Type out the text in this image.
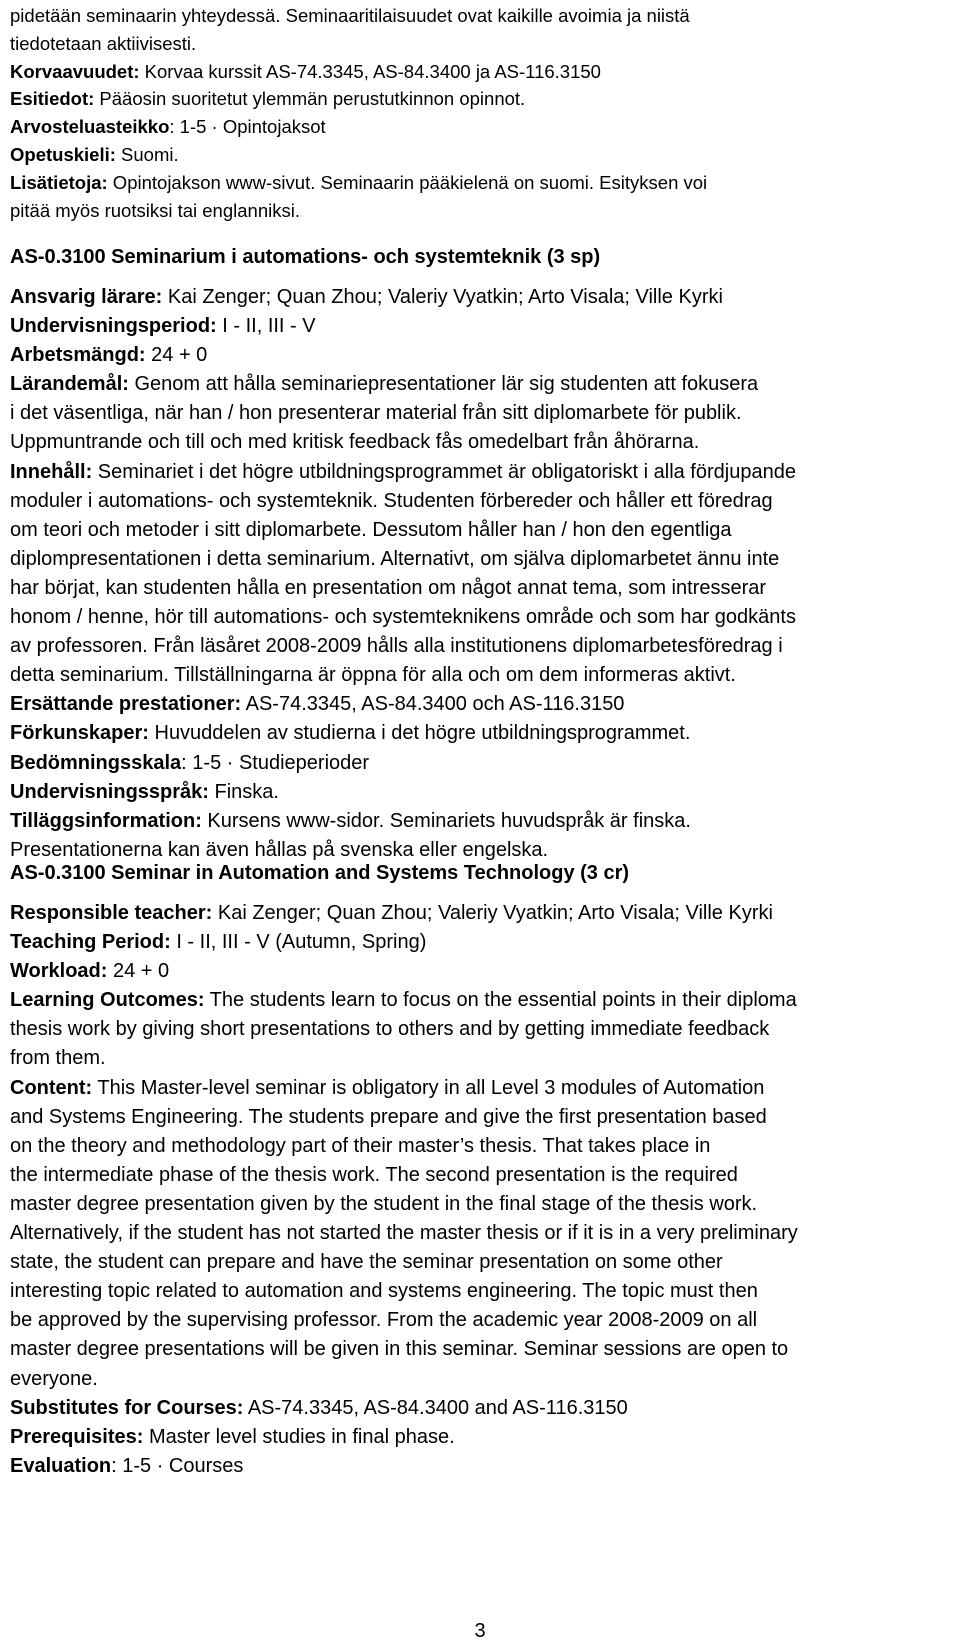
pidetään seminaarin yhteydessä. Seminaaritilaisuudet ovat kaikille avoimia ja niistä
tiedotetaan aktiivisesti.
Korvaavuudet: Korvaa kurssit AS-74.3345, AS-84.3400 ja AS-116.3150
Esitiedot: Pääosin suoritetut ylemmän perustutkinnon opinnot.
Arvosteluasteikko: 1-5 · Opintojaksot
Opetuskieli: Suomi.
Lisätietoja: Opintojakson www-sivut. Seminaarin pääkielenä on suomi. Esityksen voi
pitää myös ruotsiksi tai englanniksi.
AS-0.3100 Seminarium i automations- och systemteknik (3 sp)
Ansvarig lärare: Kai Zenger; Quan Zhou; Valeriy Vyatkin; Arto Visala; Ville Kyrki
Undervisningsperiod: I - II, III - V
Arbetsmängd: 24 + 0
Lärandemål: Genom att hålla seminariepresentationer lär sig studenten att fokusera
i det väsentliga, när han / hon presenterar material från sitt diplomarbete för publik.
Uppmuntrande och till och med kritisk feedback fås omedelbart från åhörarna.
Innehåll: Seminariet i det högre utbildningsprogrammet är obligatoriskt i alla fördjupande
moduler i automations- och systemteknik. Studenten förbereder och håller ett föredrag
om teori och metoder i sitt diplomarbete. Dessutom håller han / hon den egentliga
diplompresentationen i detta seminarium. Alternativt, om själva diplomarbetet ännu inte
har börjat, kan studenten hålla en presentation om något annat tema, som intresserar
honom / henne, hör till automations- och systemteknikens område och som har godkänts
av professoren. Från läsåret 2008-2009 hålls alla institutionens diplomarbetesföredrag i
detta seminarium. Tillställningarna är öppna för alla och om dem informeras aktivt.
Ersättande prestationer: AS-74.3345, AS-84.3400 och AS-116.3150
Förkunskaper: Huvuddelen av studierna i det högre utbildningsprogrammet.
Bedömningsskala: 1-5 · Studieperioder
Undervisningsspråk: Finska.
Tilläggsinformation: Kursens www-sidor. Seminariets huvudspråk är finska.
Presentationerna kan även hållas på svenska eller engelska.
AS-0.3100 Seminar in Automation and Systems Technology (3 cr)
Responsible teacher: Kai Zenger; Quan Zhou; Valeriy Vyatkin; Arto Visala; Ville Kyrki
Teaching Period: I - II, III - V (Autumn, Spring)
Workload: 24 + 0
Learning Outcomes: The students learn to focus on the essential points in their diploma
thesis work by giving short presentations to others and by getting immediate feedback
from them.
Content: This Master-level seminar is obligatory in all Level 3 modules of Automation
and Systems Engineering. The students prepare and give the first presentation based
on the theory and methodology part of their master’s thesis. That takes place in
the intermediate phase of the thesis work. The second presentation is the required
master degree presentation given by the student in the final stage of the thesis work.
Alternatively, if the student has not started the master thesis or if it is in a very preliminary
state, the student can prepare and have the seminar presentation on some other
interesting topic related to automation and systems engineering. The topic must then
be approved by the supervising professor. From the academic year 2008-2009 on all
master degree presentations will be given in this seminar. Seminar sessions are open to
everyone.
Substitutes for Courses: AS-74.3345, AS-84.3400 and AS-116.3150
Prerequisites: Master level studies in final phase.
Evaluation: 1-5 · Courses
3
